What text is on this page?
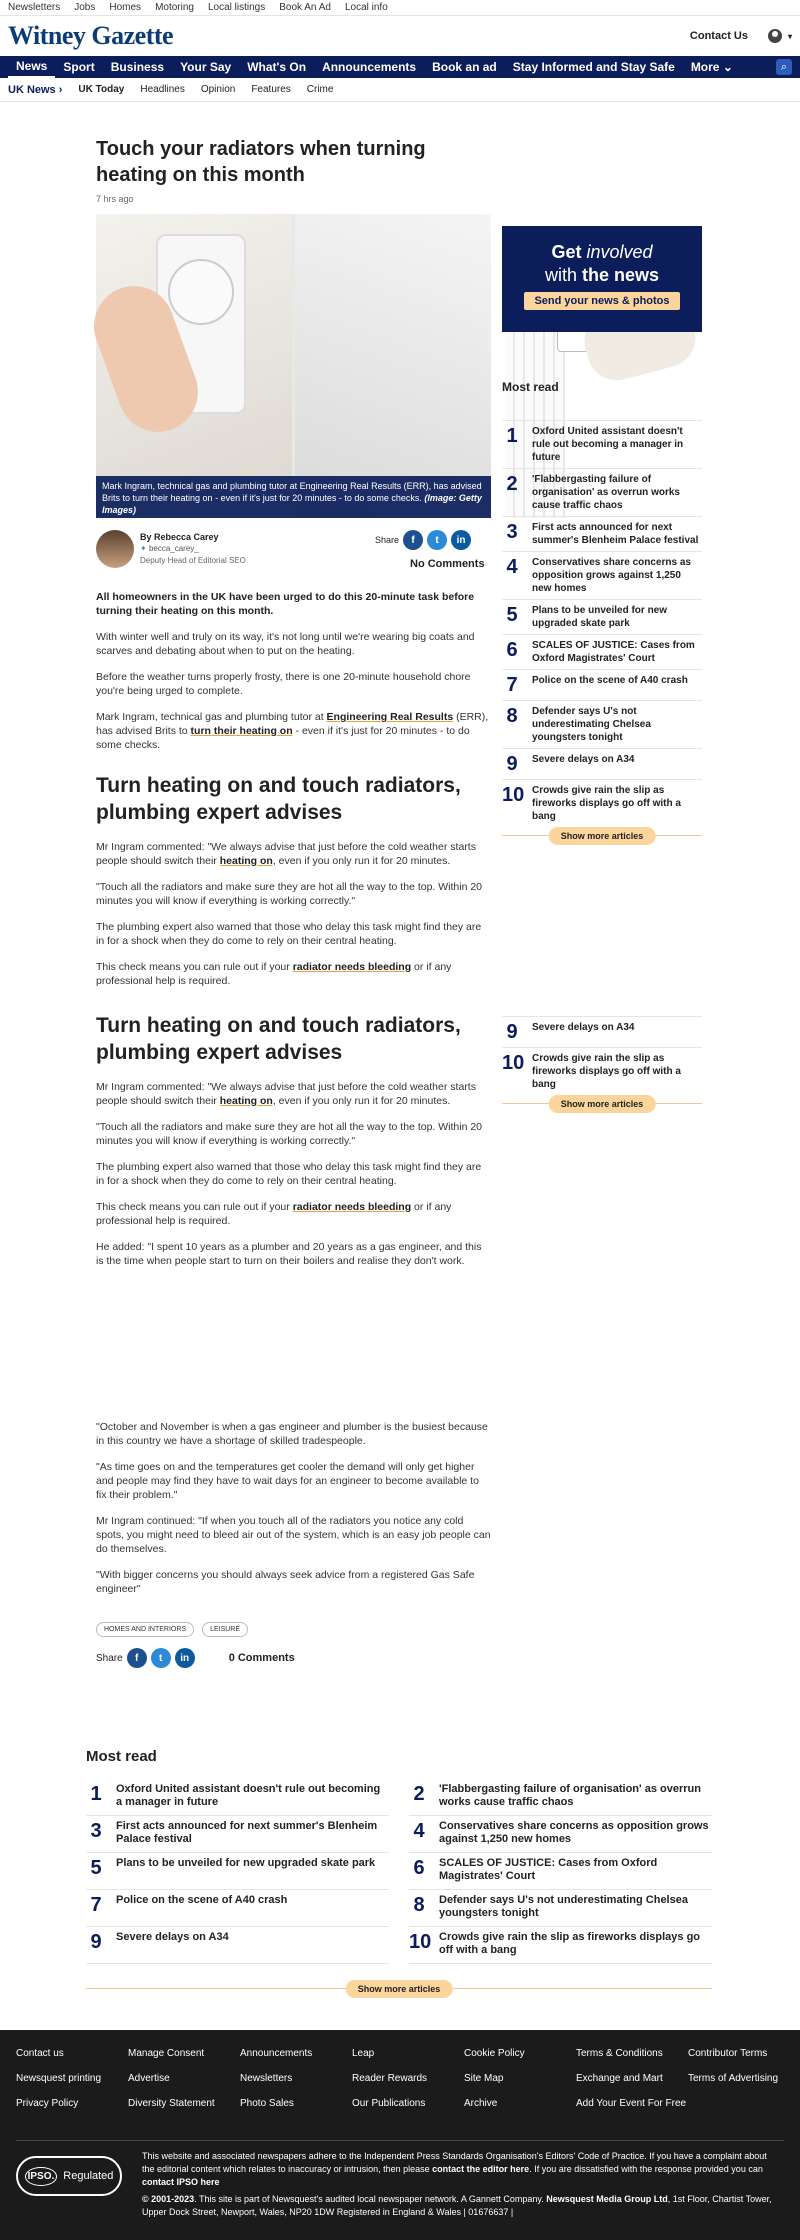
Newsletters Jobs Homes Motoring Local listings Book An Ad Local info
Witney Gazette	Contact Us	▾
News	Sport	Business	Your Say	What's On	Announcements	Book an ad	Stay Informed and Stay Safe	More
⌄	⌕
UK News › UK Today Headlines Opinion Features Crime
Touch your radiators when turning heating on this month
7 hrs ago
Mark Ingram, technical gas and plumbing tutor at Engineering Real Results (ERR), has advised Brits to turn their heating on - even if it's just for 20 minutes - to do some checks. (Image: Getty Images)
By Rebecca Carey
✦ becca_carey_
Deputy Head of Editorial SEO
Share	f	t	in
No Comments

All homeowners in the UK have been urged to do this 20-minute task before turning their heating on this month.

With winter well and truly on its way, it's not long until we're wearing big coats and scarves and debating about when to put on the heating.

Before the weather turns properly frosty, there is one 20-minute household chore you're being urged to complete.

Mark Ingram, technical gas and plumbing tutor at Engineering Real Results (ERR), has advised Brits to turn their heating on - even if it's just for 20 minutes - to do some checks.

Turn heating on and touch radiators, plumbing expert advises

Mr Ingram commented: "We always advise that just before the cold weather starts people should switch their heating on, even if you only run it for 20 minutes.

"Touch all the radiators and make sure they are hot all the way to the top. Within 20 minutes you will know if everything is working correctly."

The plumbing expert also warned that those who delay this task might find they are in for a shock when they do come to rely on their central heating.

This check means you can rule out if your radiator needs bleeding or if any professional help is required.

Turn heating on and touch radiators, plumbing expert advises

Mr Ingram commented: "We always advise that just before the cold weather starts people should switch their heating on, even if you only run it for 20 minutes.

"Touch all the radiators and make sure they are hot all the way to the top. Within 20 minutes you will know if everything is working correctly."

The plumbing expert also warned that those who delay this task might find they are in for a shock when they do come to rely on their central heating.

This check means you can rule out if your radiator needs bleeding or if any professional help is required.

He added: "I spent 10 years as a plumber and 20 years as a gas engineer, and this is the time when people start to turn on their boilers and realise they don't work.

"October and November is when a gas engineer and plumber is the busiest because in this country we have a shortage of skilled tradespeople.

"As time goes on and the temperatures get cooler the demand will only get higher and people may find they have to wait days for an engineer to become available to fix their problem."

Mr Ingram continued: "If when you touch all of the radiators you notice any cold spots, you might need to bleed air out of the system, which is an easy job people can do themselves.

"With bigger concerns you should always seek advice from a registered Gas Safe engineer"

HOMES AND INTERIORS	LEISURE
Share	f	t	in	0 Comments
Get involved
with the news
Send your news & photos
Most read
1	Oxford United assistant doesn't rule out becoming a manager in future
2	'Flabbergasting failure of organisation' as overrun works cause traffic chaos
3	First acts announced for next summer's Blenheim Palace festival
4	Conservatives share concerns as opposition grows against 1,250 new homes
5	Plans to be unveiled for new upgraded skate park
6	SCALES OF JUSTICE: Cases from Oxford Magistrates' Court
7	Police on the scene of A40 crash
8	Defender says U's not underestimating Chelsea youngsters tonight
9	Severe delays on A34
10 Crowds give rain the slip as fireworks displays go off with a bang
Show more articles
9	Severe delays on A34
10 Crowds give rain the slip as fireworks displays go off with a bang
Show more articles
Most read
1	Oxford United assistant doesn't rule out becoming a manager in future	2	'Flabbergasting failure of organisation' as overrun works cause traffic chaos
3	First acts announced for next summer's Blenheim Palace festival	4	Conservatives share concerns as opposition grows against 1,250 new homes
5	Plans to be unveiled for new upgraded skate park	6	SCALES OF JUSTICE: Cases from Oxford Magistrates' Court
7	Police on the scene of A40 crash	8	Defender says U's not underestimating Chelsea youngsters tonight
9	Severe delays on A34	10 Crowds give rain the slip as fireworks displays go off with a bang
Show more articles
Contact us	Manage Consent	Announcements	Leap	Cookie Policy	Terms & Conditions	Contributor Terms
Newsquest printing	Advertise	Newsletters	Reader Rewards	Site Map	Exchange and Mart	Terms of Advertising
Privacy Policy	Diversity Statement	Photo Sales	Our Publications	Archive	Add Your Event For Free
IPSO. Regulated

This website and associated newspapers adhere to the Independent Press Standards Organisation's Editors' Code of Practice. If you have a complaint about the editorial content which relates to inaccuracy or intrusion, then please contact the editor here. If you are dissatisfied with the response provided you can contact IPSO here

© 2001-2023. This site is part of Newsquest's audited local newspaper network. A Gannett Company. Newsquest Media Group Ltd, 1st Floor, Chartist Tower, Upper Dock Street, Newport, Wales, NP20 1DW Registered in England & Wales | 01676637 |
